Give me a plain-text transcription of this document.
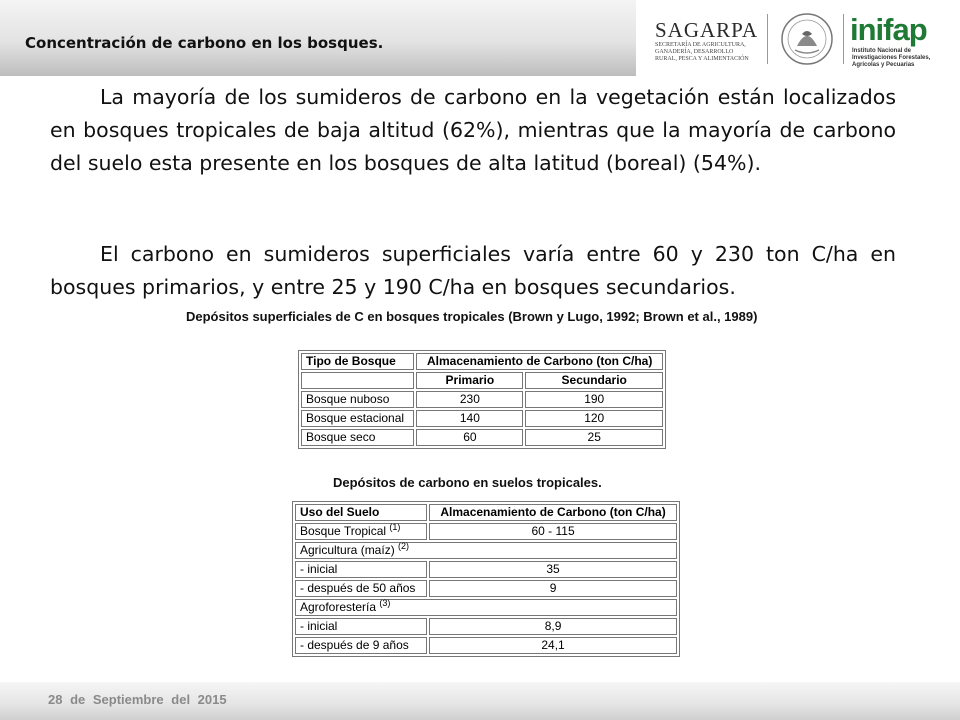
Concentración de carbono en los bosques.
SAGARPA
SECRETARÍA DE AGRICULTURA, GANADERÍA, DESARROLLO RURAL, PESCA Y ALIMENTACIÓN
inifap
Instituto Nacional de Investigaciones Forestales, Agrícolas y Pecuarias

La mayoría de los sumideros de carbono en la vegetación están localizados en bosques tropicales de baja altitud (62%), mientras que la mayoría de carbono del suelo esta presente en los bosques de alta latitud (boreal) (54%).

El carbono en sumideros superficiales varía entre 60 y 230 ton C/ha en bosques primarios, y entre 25 y 190 C/ha en bosques secundarios.

Depósitos superficiales de C en bosques tropicales (Brown y Lugo, 1992; Brown et al., 1989)
Tipo de Bosque	Almacenamiento de Carbono (ton C/ha)	
	Primario	Secundario
Bosque nuboso	230	190
Bosque estacional	140	120
Bosque seco	60	25
Depósitos de carbono en suelos tropicales.
Uso del Suelo	Almacenamiento de Carbono (ton C/ha)
Bosque Tropical $^{(1)}$	60 - 115
Agricultura (maíz) $^{(2)}$
- inicial	35
- después de 50 años	9
Agroforestería $^{(3)}$
- inicial	8,9
- después de 9 años	24,1
28 de Septiembre del 2015
